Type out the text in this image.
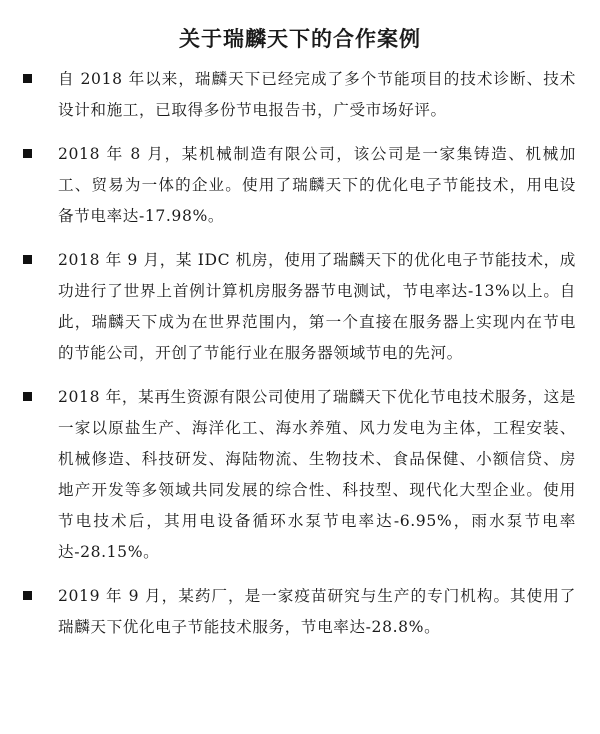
关于瑞麟天下的合作案例
自 2018 年以来，瑞麟天下已经完成了多个节能项目的技术诊断、技术设计和施工，已取得多份节电报告书，广受市场好评。
2018 年 8 月，某机械制造有限公司，该公司是一家集铸造、机械加工、贸易为一体的企业。使用了瑞麟天下的优化电子节能技术，用电设备节电率达-17.98%。
2018 年 9 月，某 IDC 机房，使用了瑞麟天下的优化电子节能技术，成功进行了世界上首例计算机房服务器节电测试，节电率达-13%以上。自此，瑞麟天下成为在世界范围内，第一个直接在服务器上实现内在节电的节能公司，开创了节能行业在服务器领域节电的先河。
2018 年，某再生资源有限公司使用了瑞麟天下优化节电技术服务，这是一家以原盐生产、海洋化工、海水养殖、风力发电为主体，工程安装、机械修造、科技研发、海陆物流、生物技术、食品保健、小额信贷、房地产开发等多领域共同发展的综合性、科技型、现代化大型企业。使用节电技术后，其用电设备循环水泵节电率达-6.95%，雨水泵节电率达-28.15%。
2019 年 9 月，某药厂，是一家疫苗研究与生产的专门机构。其使用了瑞麟天下优化电子节能技术服务，节电率达-28.8%。
